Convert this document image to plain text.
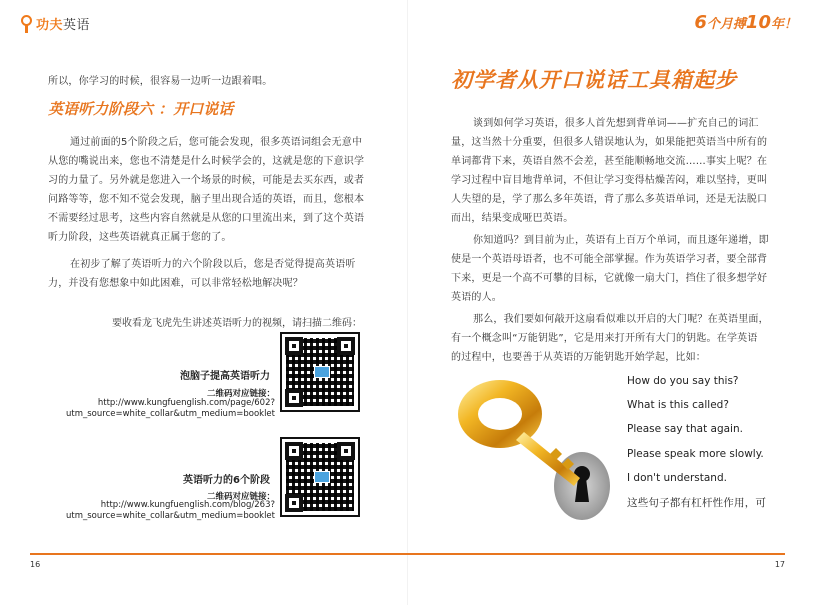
功夫英语	6个月搏10年！
所以，你学习的时候，很容易一边听一边跟着唱。
英语听力阶段六 ：开口说话
通过前面的5个阶段之后，您可能会发现，很多英语词组会无意中
从您的嘴说出来，您也不清楚是什么时候学会的，这就是您的下意识学
习的力量了。另外就是您进入一个场景的时候，可能是去买东西，或者
问路等等，您不知不觉会发现，脑子里出现合适的英语，而且，您根本
不需要经过思考，这些内容自然就是从您的口里流出来，到了这个英语
听力阶段，这些英语就真正属于您的了。
在初步了解了英语听力的六个阶段以后，您是否觉得提高英语听
力，并没有您想象中如此困难，可以非常轻松地解决呢？
要收看龙飞虎先生讲述英语听力的视频，请扫描二维码：
泡脑子提高英语听力
二维码对应链接：
http://www.kungfuenglish.com/page/602?
utm_source=white_collar&utm_medium=booklet
英语听力的6个阶段
二维码对应链接：
http://www.kungfuenglish.com/blog/263?
utm_source=white_collar&utm_medium=booklet
初学者从开口说话工具箱起步
谈到如何学习英语，很多人首先想到背单词——扩充自己的词汇
量，这当然十分重要，但很多人错误地认为，如果能把英语当中所有的
单词都背下来，英语自然不会差，甚至能顺畅地交流……事实上呢？在
学习过程中盲目地背单词，不但让学习变得枯燥苦闷，难以坚持，更叫
人失望的是，学了那么多年英语，背了那么多英语单词，还是无法脱口
而出，结果变成哑巴英语。
你知道吗？到目前为止，英语有上百万个单词，而且逐年递增，即
使是一个英语母语者，也不可能全部掌握。作为英语学习者，要全部背
下来，更是一个高不可攀的目标，它就像一扇大门，挡住了很多想学好
英语的人。
那么，我们要如何敲开这扇看似难以开启的大门呢？在英语里面，
有一个概念叫“万能钥匙”，它是用来打开所有大门的钥匙。在学英语
的过程中，也要善于从英语的万能钥匙开始学起，比如：
How do you say this?
What is this called?
Please say that again.
Please speak more slowly.
I don't understand.
这些句子都有杠杆性作用，可
16	17
